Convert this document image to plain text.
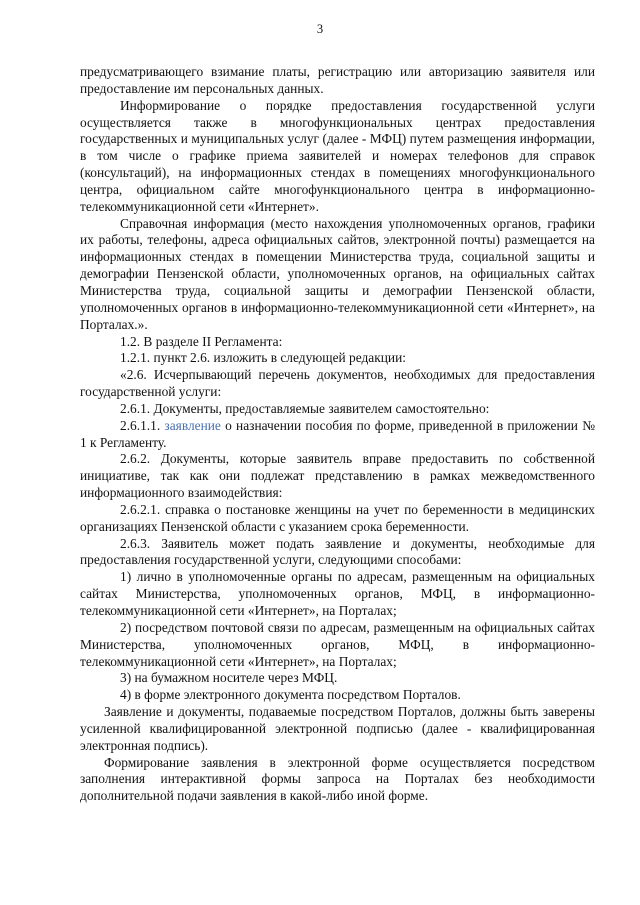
3

предусматривающего взимание платы, регистрацию или авторизацию заявителя или предоставление им персональных данных.

Информирование о порядке предоставления государственной услуги осуществляется также в многофункциональных центрах предоставления государственных и муниципальных услуг (далее - МФЦ) путем размещения информации, в том числе о графике приема заявителей и номерах телефонов для справок (консультаций), на информационных стендах в помещениях многофункционального центра, официальном сайте многофункционального центра в информационно-телекоммуникационной сети «Интернет».

Справочная информация (место нахождения уполномоченных органов, графики их работы, телефоны, адреса официальных сайтов, электронной почты) размещается на информационных стендах в помещении Министерства труда, социальной защиты и демографии Пензенской области, уполномоченных органов, на официальных сайтах Министерства труда, социальной защиты и демографии Пензенской области, уполномоченных органов в информационно-телекоммуникационной сети «Интернет», на Порталах.».

1.2. В разделе II Регламента:

1.2.1. пункт 2.6. изложить в следующей редакции:

«2.6. Исчерпывающий перечень документов, необходимых для предоставления государственной услуги:

2.6.1. Документы, предоставляемые заявителем самостоятельно:

2.6.1.1. заявление о назначении пособия по форме, приведенной в приложении № 1 к Регламенту.

2.6.2. Документы, которые заявитель вправе предоставить по собственной инициативе, так как они подлежат представлению в рамках межведомственного информационного взаимодействия:

2.6.2.1. справка о постановке женщины на учет по беременности в медицинских организациях Пензенской области с указанием срока беременности.

2.6.3. Заявитель может подать заявление и документы, необходимые для предоставления государственной услуги, следующими способами:

1) лично в уполномоченные органы по адресам, размещенным на официальных сайтах Министерства, уполномоченных органов, МФЦ, в информационно-телекоммуникационной сети «Интернет», на Порталах;

2) посредством почтовой связи по адресам, размещенным на официальных сайтах Министерства, уполномоченных органов, МФЦ, в информационно-телекоммуникационной сети «Интернет», на Порталах;

3) на бумажном носителе через МФЦ.

4) в форме электронного документа посредством Порталов.

Заявление и документы, подаваемые посредством Порталов, должны быть заверены усиленной квалифицированной электронной подписью (далее - квалифицированная электронная подпись).

Формирование заявления в электронной форме осуществляется посредством заполнения интерактивной формы запроса на Порталах без необходимости дополнительной подачи заявления в какой-либо иной форме.
